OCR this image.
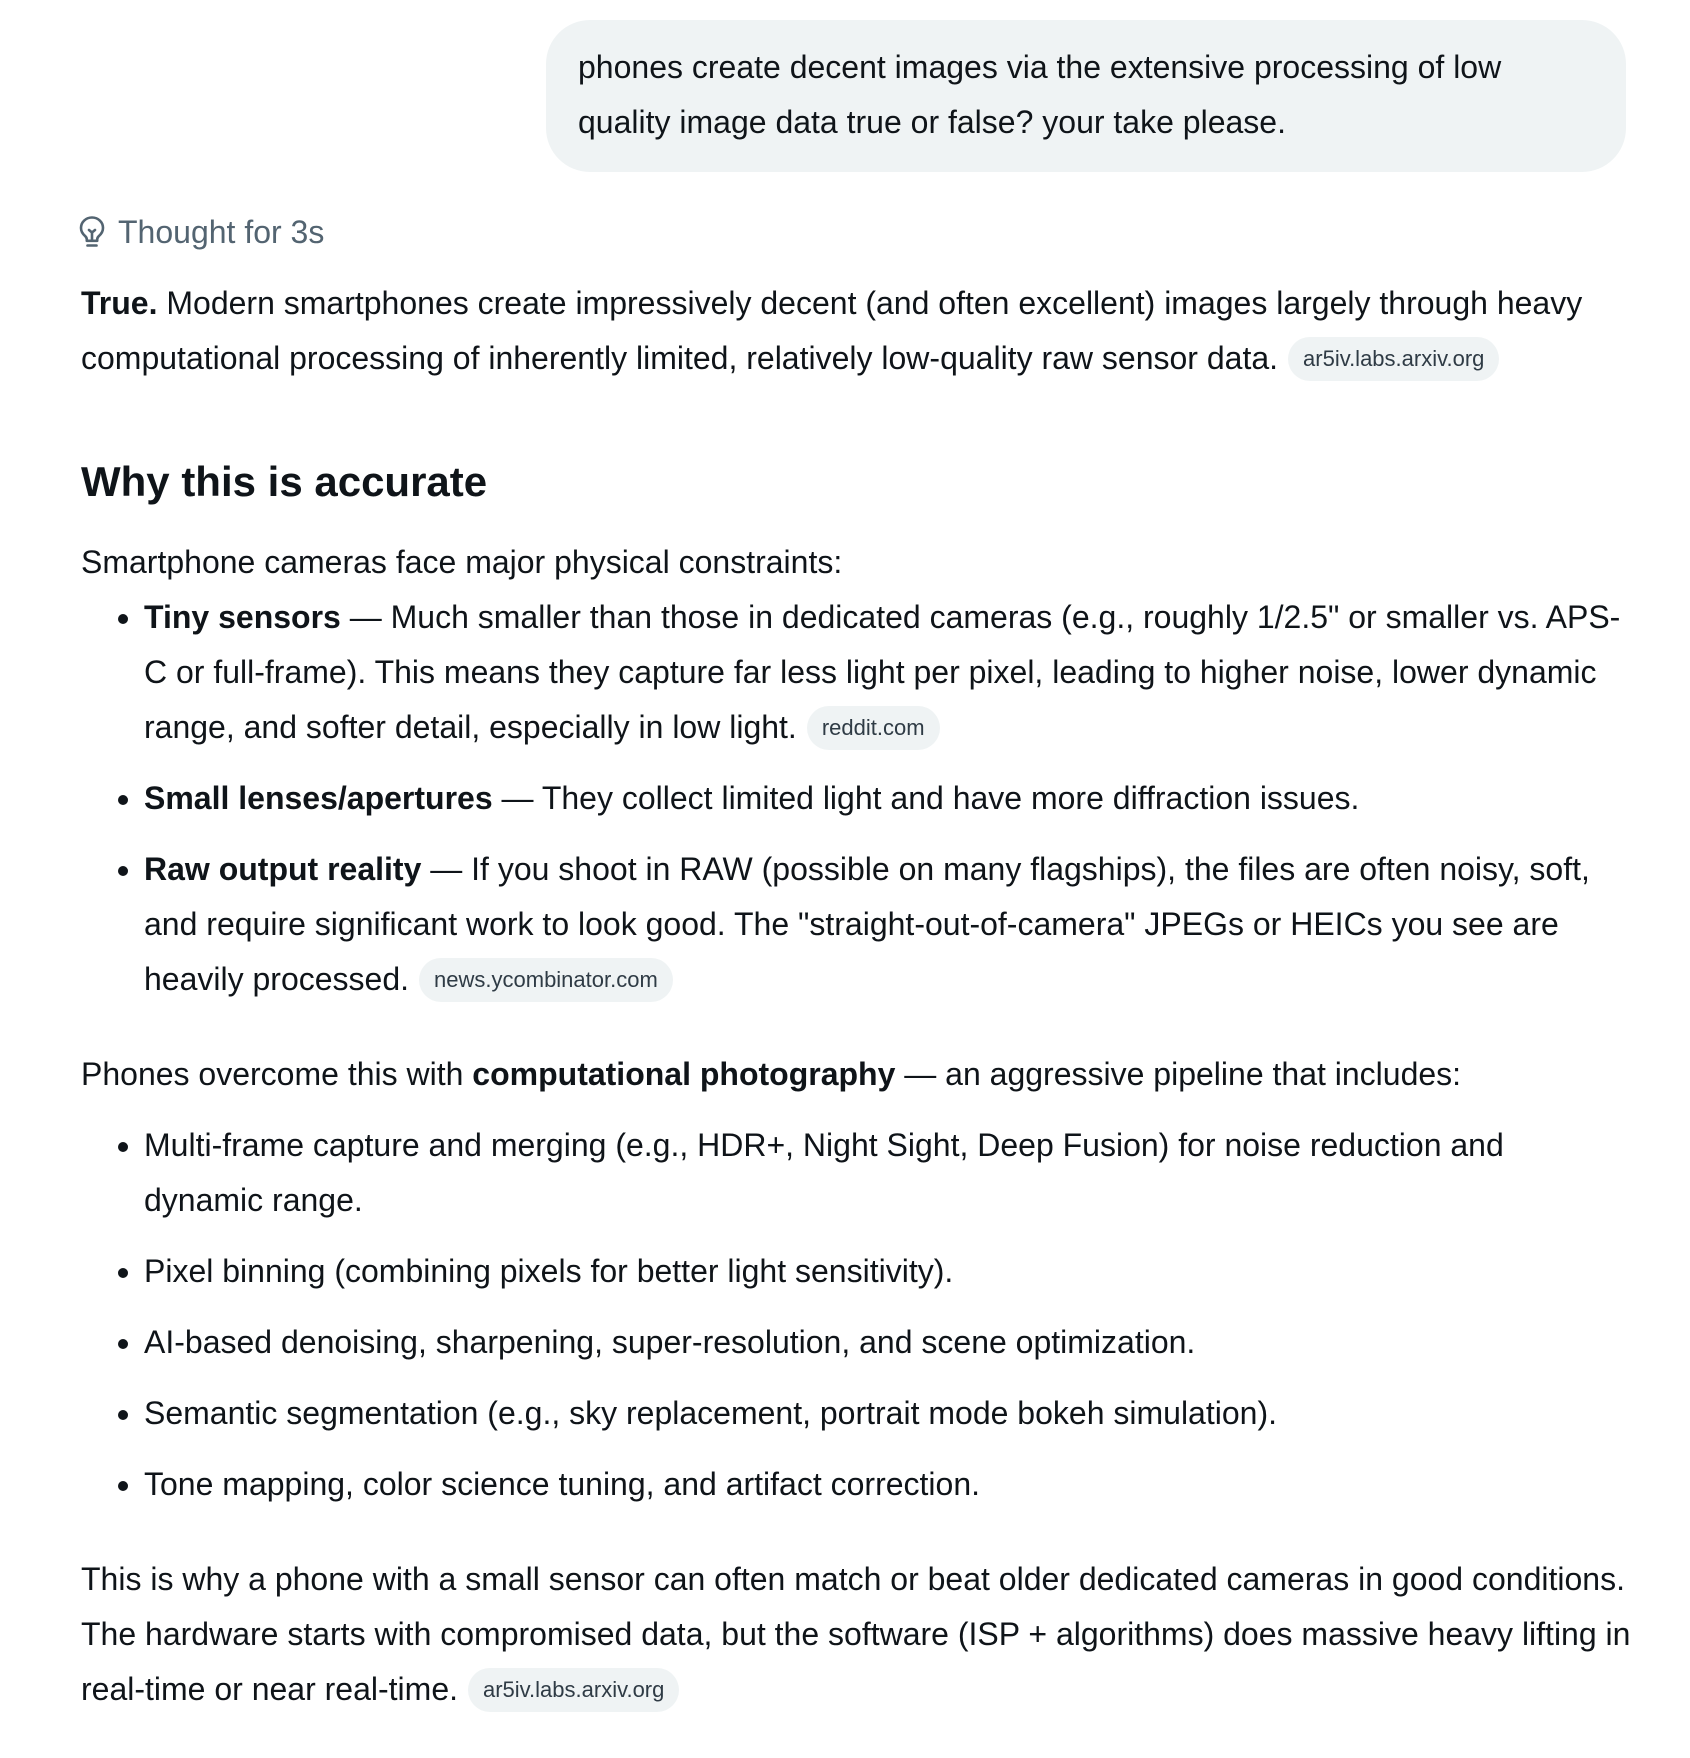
phones create decent images via the extensive processing of low quality image data true or false? your take please.
Thought for 3s

True. Modern smartphones create impressively decent (and often excellent) images largely through heavy computational processing of inherently limited, relatively low-quality raw sensor data. ar5iv.labs.arxiv.org

Why this is accurate

Smartphone cameras face major physical constraints:

• Tiny sensors — Much smaller than those in dedicated cameras (e.g., roughly 1/2.5" or smaller vs. APS-C or full-frame). This means they capture far less light per pixel, leading to higher noise, lower dynamic range, and softer detail, especially in low light. reddit.com
• Small lenses/apertures — They collect limited light and have more diffraction issues.
• Raw output reality — If you shoot in RAW (possible on many flagships), the files are often noisy, soft, and require significant work to look good. The "straight-out-of-camera" JPEGs or HEICs you see are heavily processed. news.ycombinator.com

Phones overcome this with computational photography — an aggressive pipeline that includes:

• Multi-frame capture and merging (e.g., HDR+, Night Sight, Deep Fusion) for noise reduction and dynamic range.
• Pixel binning (combining pixels for better light sensitivity).
• AI-based denoising, sharpening, super-resolution, and scene optimization.
• Semantic segmentation (e.g., sky replacement, portrait mode bokeh simulation).
• Tone mapping, color science tuning, and artifact correction.

This is why a phone with a small sensor can often match or beat older dedicated cameras in good conditions. The hardware starts with compromised data, but the software (ISP + algorithms) does massive heavy lifting in real-time or near real-time. ar5iv.labs.arxiv.org
